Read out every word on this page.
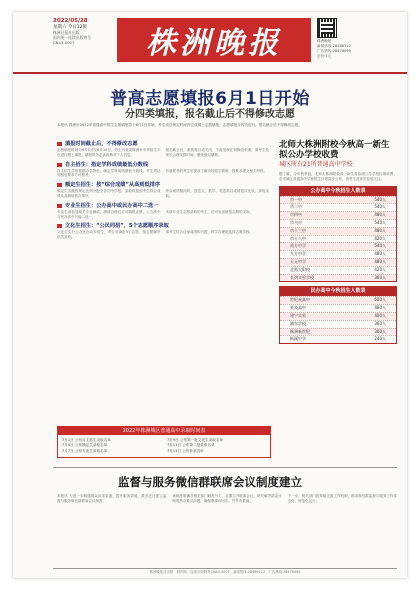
2022/05/28
星期六 今日12版
株洲日报社出版
国内统一连续出版物号
CN43-0007	株洲晚报	株洲晚报
新闻热线:28488112
广告热线:28478099
定价:1元
普高志愿填报6月1日开始
分四类填报，报名截止后不得修改志愿
本报讯 株洲市2022年普通高中招生志愿填报将于6月1日开始，考生须在规定时间内完成网上志愿填报，志愿填报分四类进行，报名截止后不得修改志愿。
填报时间截止后，不得修改志愿
志愿填报时间为6月1日至6月10日，考生可登录株洲市中考招生平台进行网上填报，填报时务必认真核对个人信息。
报名截止后，系统将自动关闭，不再受理任何修改申请，请考生及家长合理安排时间，避免错过填报。
自主招生：指定学科成绩最低分数线
自主招生学校根据办学特色，确定学科成绩最低分数线，考生须达到相应要求方可报考。
有意报考的考生应提前了解各校招生简章，按要求提交相关材料。
额定生招生：按“综合成绩”从高到低排序
额定生名额按规定比例分配至各初中学校，录取时按照考生综合成绩从高到低依次排序。
综合成绩相同时，按语文、数学、英语科目成绩依次比较，择优录取。
专业生招生：公办高中或民办高中二选一
专业生须参加相关专业测试，测试合格后方可填报志愿，公办高中与民办高中只能二选一。
未被专业生志愿录取的考生，仍可参加统招志愿的录取。
文化生招生：“公民同招”，5个志愿顺序录取
文化生实行公办民办同步招生，考生可填报5个志愿，按志愿顺序依次录取。
请考生结合自身成绩和兴趣，科学合理地选择志愿学校。
北师大株洲附校今秋高一新生拟公办学校收费
城区所有21所普通高中学校
据了解，今年秋季起，北师大株洲附校高一新生将参照公办学校标准收费，全市城区普通高中学校招生计划同步公布，请考生及家长及时关注。
公办高中今秋招生人数表
市一中	540人
市二中	540人
市四中	480人
市八中	540人
市十三中	480人
市十八中	420人
南方中学	540人
九方中学	480人
天元中学	480人
北师大附校	420人
长鸿实验学校	360人
民办高中今秋招生人数表
世纪星高中	600人
景炎高中	480人
建宁实验	400人
湘东学校	360人
株洲新世纪	300人
枫溪中学	240人
2022年株洲城区普通高中录取时间表
7月1日 公布自主招生录取名单
7月4日 公布额定生录取名单
7月7日 公布专业生录取名单
7月9日 公布第一批文化生录取名单
7月11日 公布第二批录取名单
7月13日 公布补录名单
监督与服务微信群联席会议制度建立
本报讯 为进一步畅通群众诉求渠道，提升服务效能，我市近日建立监督与服务微信群联席会议制度。
该制度明确各相关部门职责分工，定期召开联席会议，研究解决群众反映的热点难点问题，确保事事有回应、件件有着落。
下一步，相关部门将持续完善工作机制，推动微信群监督与服务工作常态化、规范化运行。
株洲晚报社出版　国内统一连续出版物号CN43-0007　新闻热线:28488112　广告热线:28478099
